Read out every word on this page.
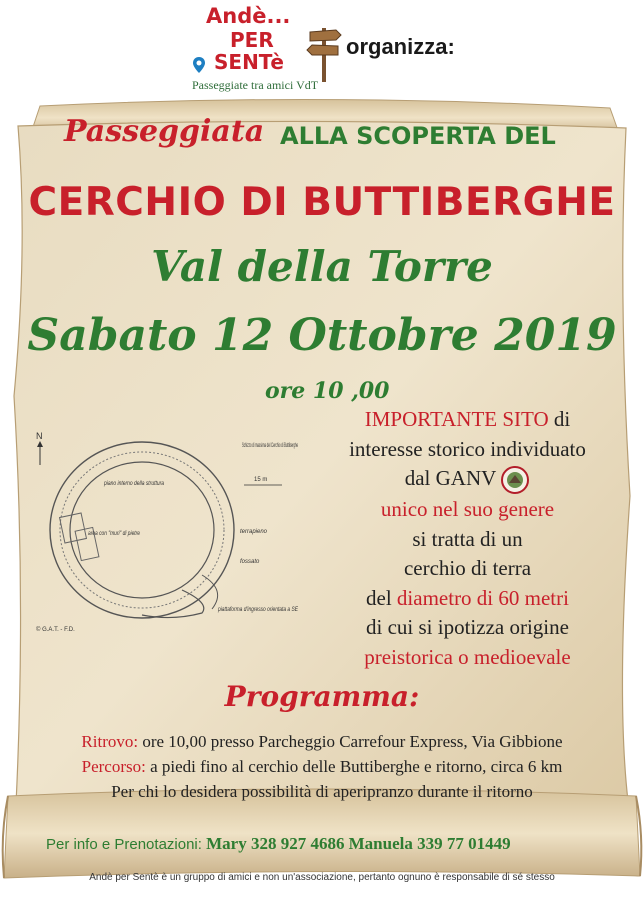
Andè...
PER
SENTè
Passeggiate tra amici VdT
organizza:
Passeggiata ALLA SCOPERTA DEL
CERCHIO DI BUTTIBERGHE
Val della Torre
Sabato 12 Ottobre 2019
ore 10 ,00
N
Schizzo di massima del Cerchio di Buttiberghe
15 m
piano interno della struttura
area con "muri" di pietre	terrapieno
fossato
piattaforma d'ingresso orientata a SE
© G.A.T. - F.D.
IMPORTANTE SITO di
interesse storico individuato
dal GANV
unico nel suo genere
si tratta di un
cerchio di terra
del diametro di 60 metri
di cui si ipotizza origine
preistorica o medioevale
Programma:
Ritrovo: ore 10,00 presso Parcheggio Carrefour Express, Via Gibbione
Percorso: a piedi fino al cerchio delle Buttiberghe e ritorno, circa 6 km
Per chi lo desidera possibilità di aperipranzo durante il ritorno
Per info e Prenotazioni: Mary 328 927 4686 Manuela 339 77 01449
Andè per Sentè è un gruppo di amici e non un'associazione, pertanto ognuno è responsabile di sé stesso
